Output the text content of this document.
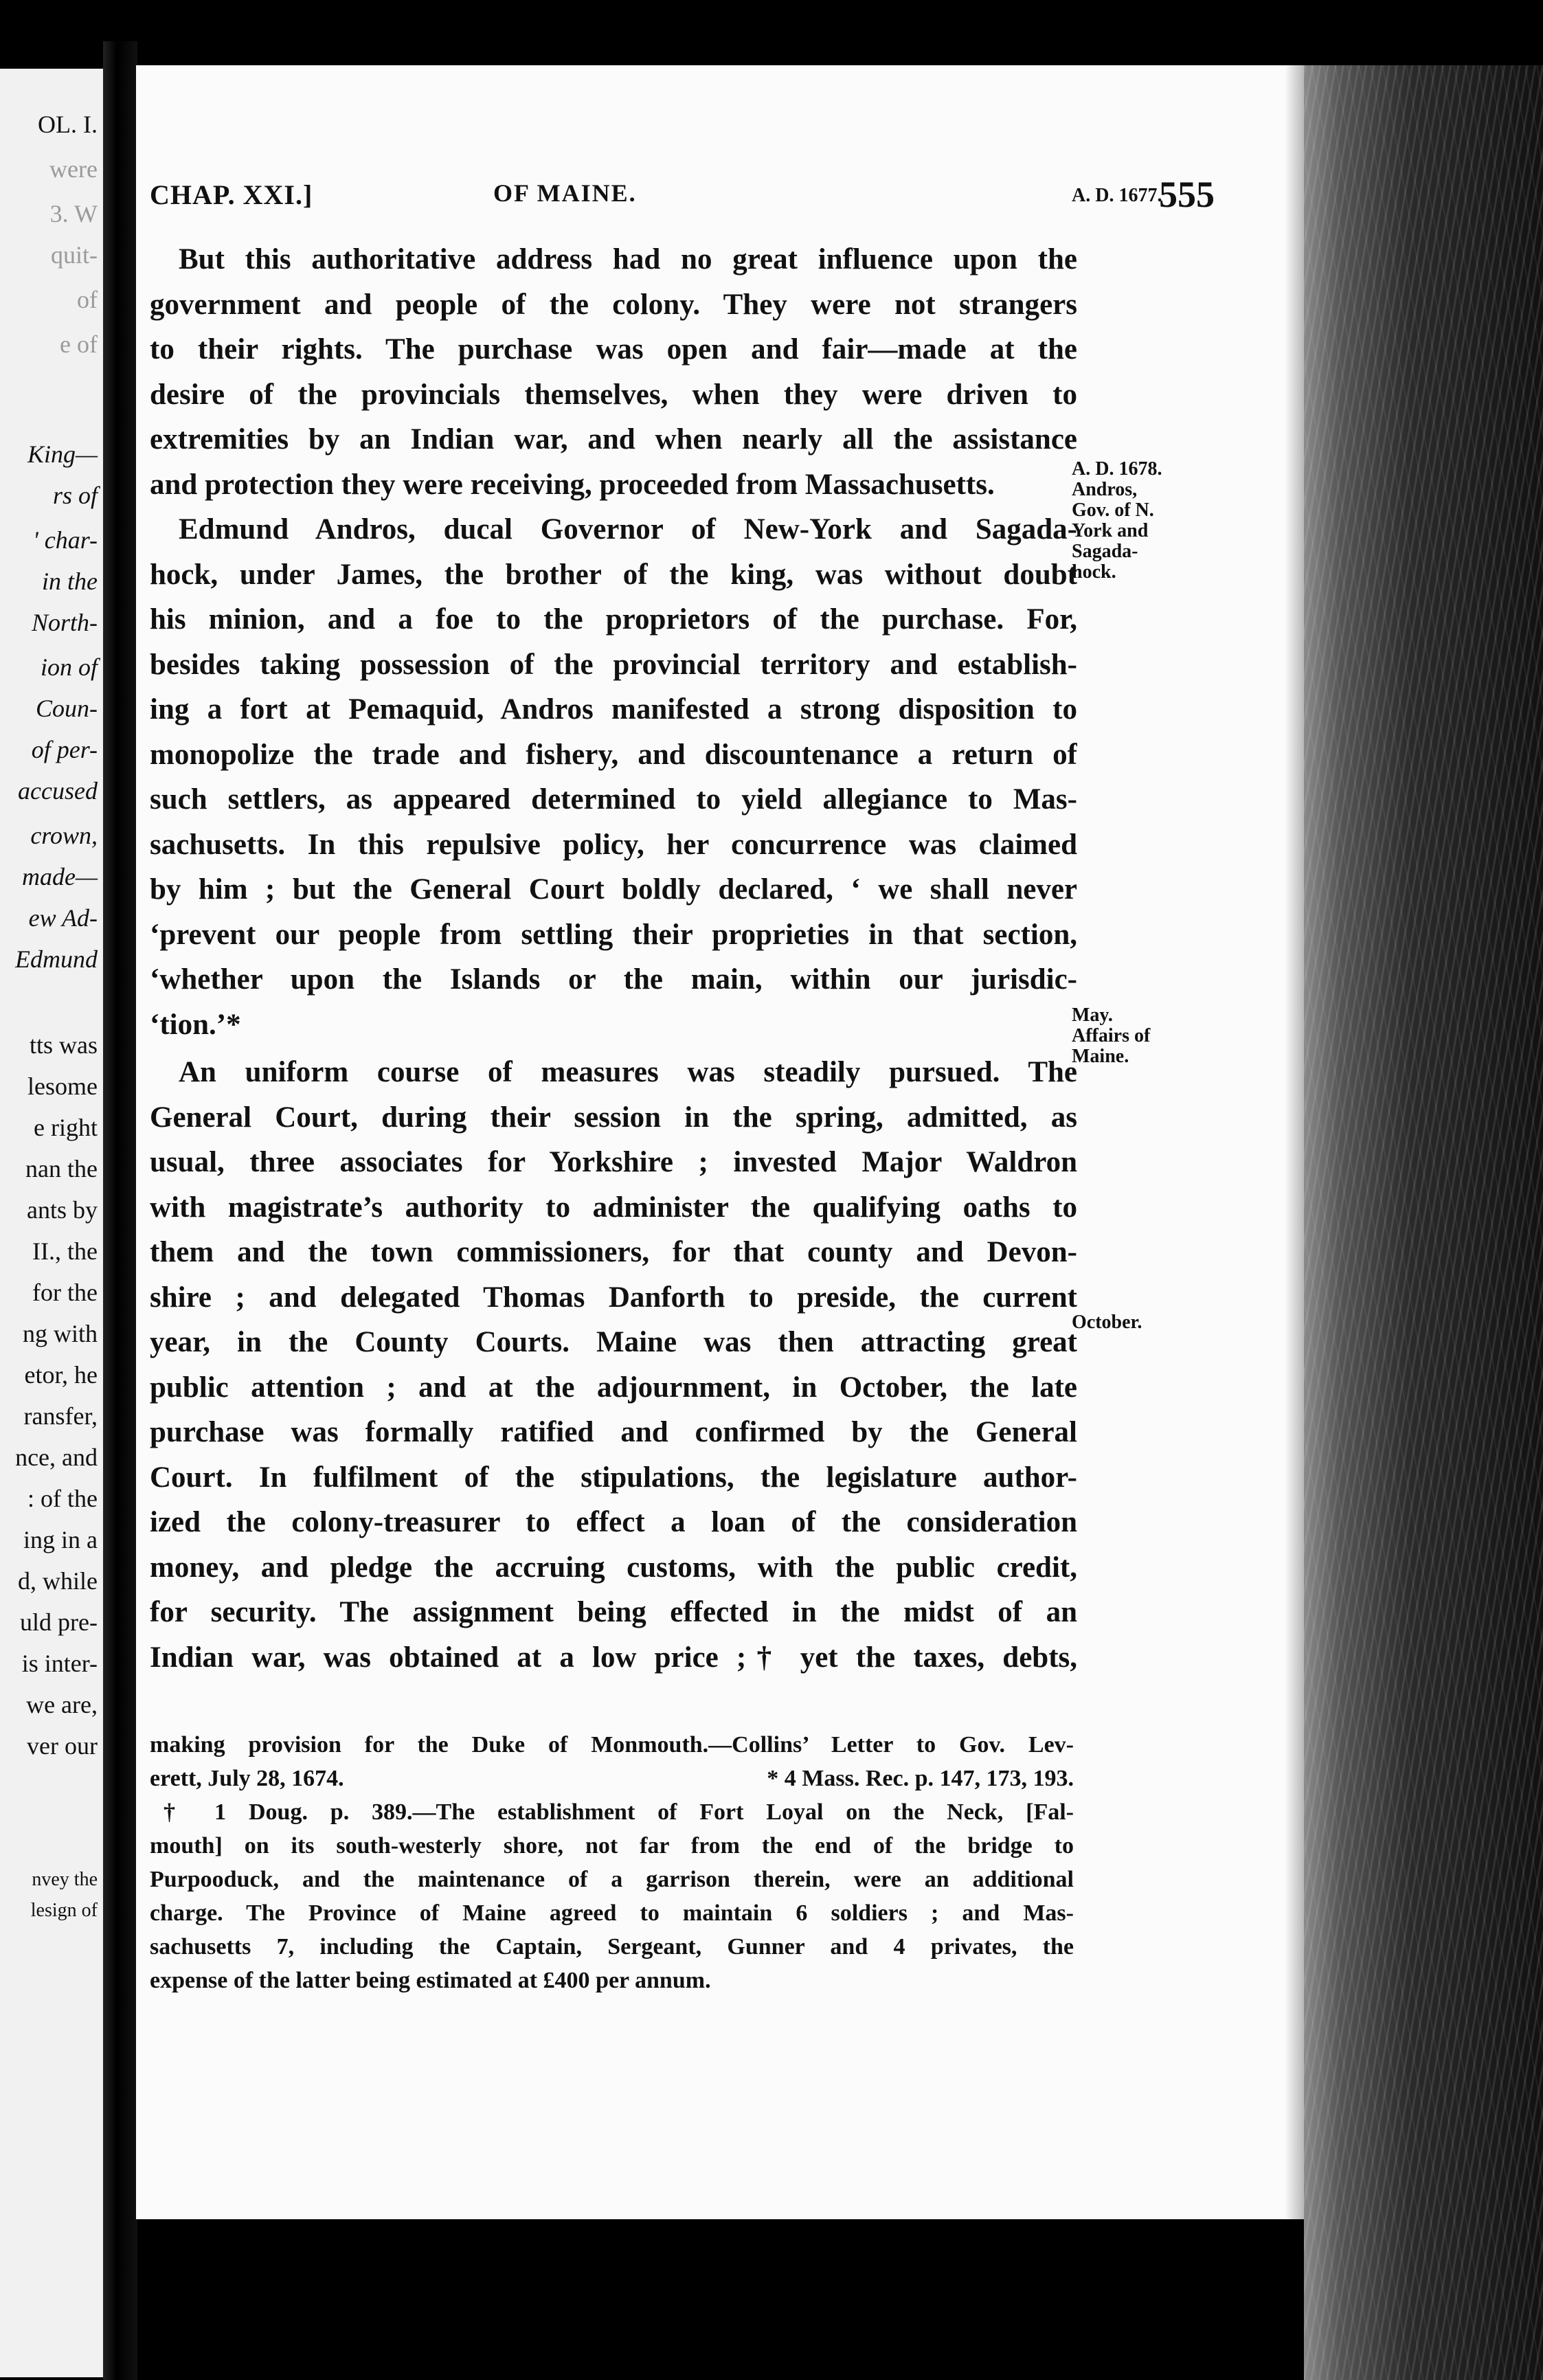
OL. I.
were
3. W
quit-
of
e of
King—
rs of
' char-
in the
North-
ion of
Coun-
of per-
accused
crown,
made—
ew Ad-
Edmund
tts was
lesome
e right
nan the
ants by
II., the
for the
ng with
etor, he
ransfer,
nce, and
: of the
ing in a
d, while
uld pre-
is inter-
we are,
ver our
nvey the
lesign of
CHAP. XXI.]	OF MAINE.	555
But this authoritative address had no great influence upon the
government and people of the colony. They were not strangers
to their rights. The purchase was open and fair—made at the
desire of the provincials themselves, when they were driven to
extremities by an Indian war, and when nearly all the assistance
and protection they were receiving, proceeded from Massachusetts.
Edmund Andros, ducal Governor of New-York and Sagada-
hock, under James, the brother of the king, was without doubt
his minion, and a foe to the proprietors of the purchase. For,
besides taking possession of the provincial territory and establish-
ing a fort at Pemaquid, Andros manifested a strong disposition to
monopolize the trade and fishery, and discountenance a return of
such settlers, as appeared determined to yield allegiance to Mas-
sachusetts. In this repulsive policy, her concurrence was claimed
by him ; but the General Court boldly declared, ‘ we shall never
‘prevent our people from settling their proprieties in that section,
‘whether upon the Islands or the main, within our jurisdic-
‘tion.’*
An uniform course of measures was steadily pursued. The
General Court, during their session in the spring, admitted, as
usual, three associates for Yorkshire ; invested Major Waldron
with magistrate’s authority to administer the qualifying oaths to
them and the town commissioners, for that county and Devon-
shire ; and delegated Thomas Danforth to preside, the current
year, in the County Courts. Maine was then attracting great
public attention ; and at the adjournment, in October, the late
purchase was formally ratified and confirmed by the General
Court. In fulfilment of the stipulations, the legislature author-
ized the colony-treasurer to effect a loan of the consideration
money, and pledge the accruing customs, with the public credit,
for security. The assignment being effected in the midst of an
Indian war, was obtained at a low price ;† yet the taxes, debts,
A. D. 1677.
A. D. 1678.
Andros,
Gov. of N.
York and
Sagada-
hock.
May.
Affairs of
Maine.
October.
making provision for the Duke of Monmouth.—Collins’ Letter to Gov. Lev-
erett, July 28, 1674.	* 4 Mass. Rec. p. 147, 173, 193.
† 1 Doug. p. 389.—The establishment of Fort Loyal on the Neck, [Fal-
mouth] on its south-westerly shore, not far from the end of the bridge to
Purpooduck, and the maintenance of a garrison therein, were an additional
charge. The Province of Maine agreed to maintain 6 soldiers ; and Mas-
sachusetts 7, including the Captain, Sergeant, Gunner and 4 privates, the
expense of the latter being estimated at £400 per annum.
